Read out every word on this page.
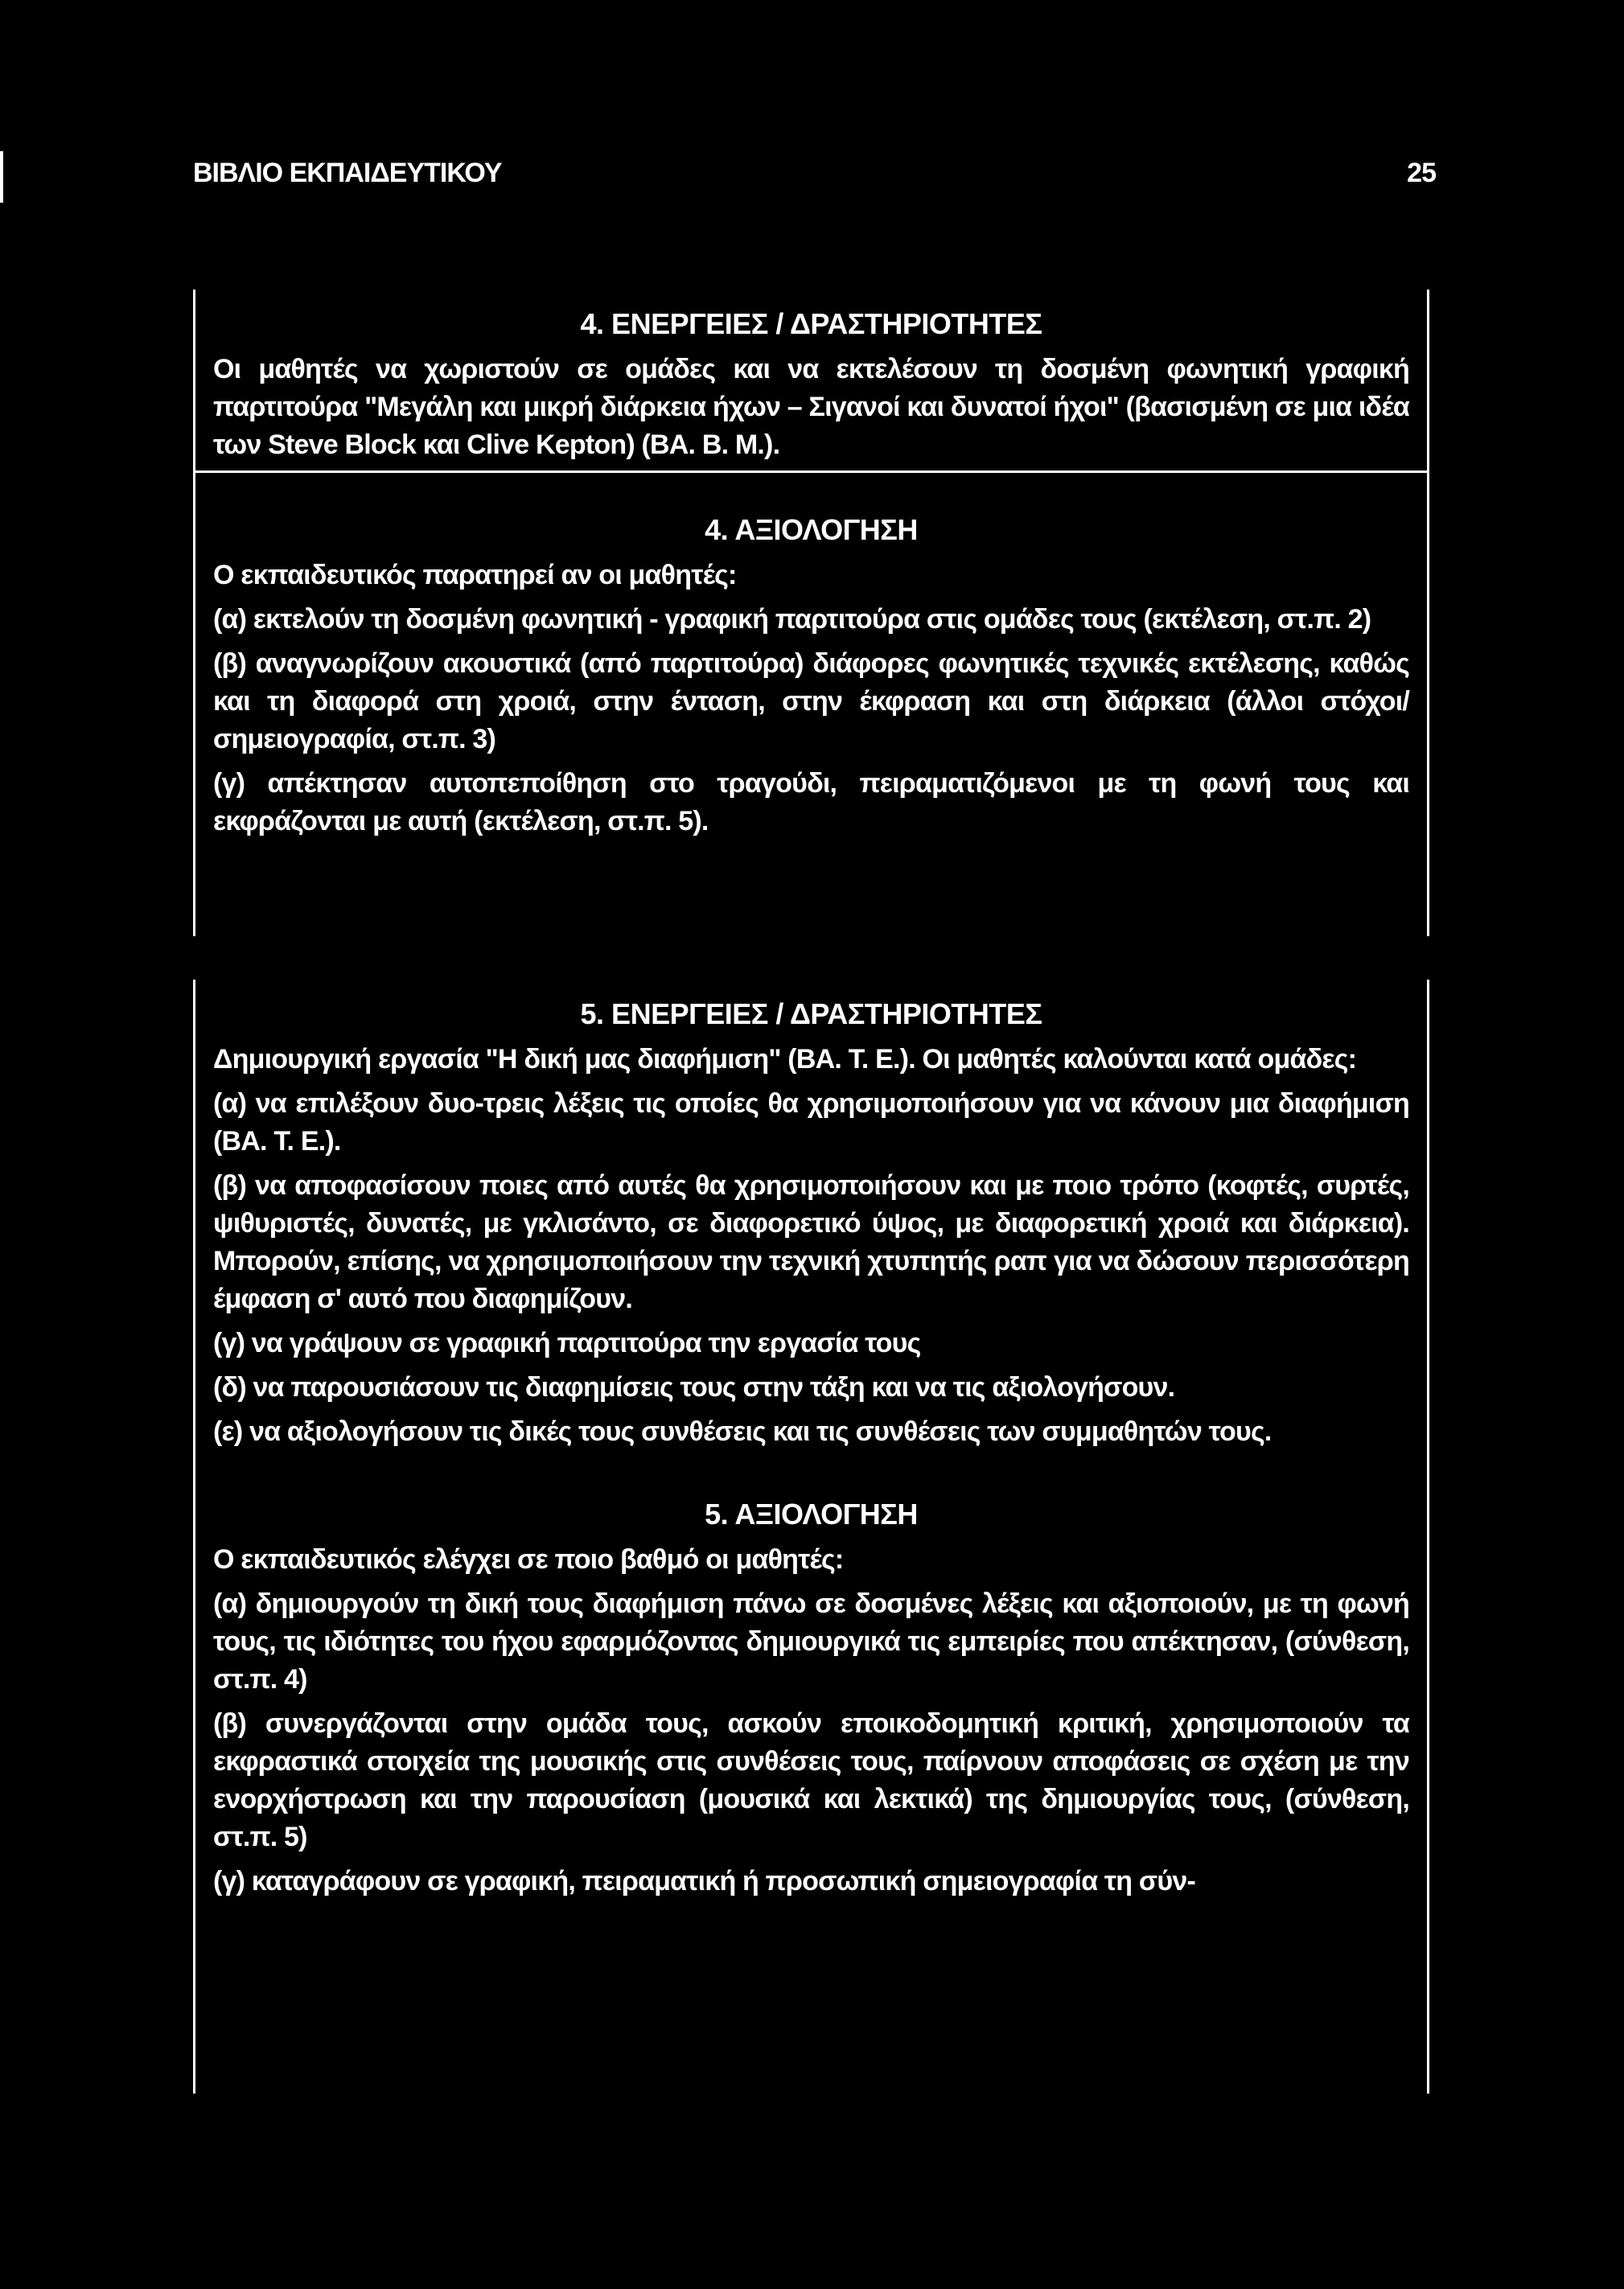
ΒΙΒΛΙΟ ΕΚΠΑΙΔΕΥΤΙΚΟΥ	25
4. ΕΝΕΡΓΕΙΕΣ / ΔΡΑΣΤΗΡΙΟΤΗΤΕΣ

Οι μαθητές να χωριστούν σε ομάδες και να εκτελέσουν τη δοσμένη φωνητική γραφική παρτιτούρα "Μεγάλη και μικρή διάρκεια ήχων – Σιγανοί και δυνατοί ήχοι" (βασισμένη σε μια ιδέα των Steve Block και Clive Kepton) (ΒΑ. Β. Μ.).

4. ΑΞΙΟΛΟΓΗΣΗ

Ο εκπαιδευτικός παρατηρεί αν οι μαθητές:

(α) εκτελούν τη δοσμένη φωνητική - γραφική παρτιτούρα στις ομάδες τους (εκτέλεση, στ.π. 2)

(β) αναγνωρίζουν ακουστικά (από παρτιτούρα) διάφορες φωνητικές τεχνικές εκτέλεσης, καθώς και τη διαφορά στη χροιά, στην ένταση, στην έκφραση και στη διάρκεια (άλλοι στόχοι/σημειογραφία, στ.π. 3)

(γ) απέκτησαν αυτοπεποίθηση στο τραγούδι, πειραματιζόμενοι με τη φωνή τους και εκφράζονται με αυτή (εκτέλεση, στ.π. 5).

5. ΕΝΕΡΓΕΙΕΣ / ΔΡΑΣΤΗΡΙΟΤΗΤΕΣ

Δημιουργική εργασία "Η δική μας διαφήμιση" (ΒΑ. Τ. Ε.). Οι μαθητές καλούνται κατά ομάδες:

(α) να επιλέξουν δυο-τρεις λέξεις τις οποίες θα χρησιμοποιήσουν για να κάνουν μια διαφήμιση (ΒΑ. Τ. Ε.).

(β) να αποφασίσουν ποιες από αυτές θα χρησιμοποιήσουν και με ποιο τρόπο (κοφτές, συρτές, ψιθυριστές, δυνατές, με γκλισάντο, σε διαφορετικό ύψος, με διαφορετική χροιά και διάρκεια). Μπορούν, επίσης, να χρησιμοποιήσουν την τεχνική χτυπητής ραπ για να δώσουν περισσότερη έμφαση σ' αυτό που διαφημίζουν.

(γ) να γράψουν σε γραφική παρτιτούρα την εργασία τους

(δ) να παρουσιάσουν τις διαφημίσεις τους στην τάξη και να τις αξιολογήσουν.

(ε) να αξιολογήσουν τις δικές τους συνθέσεις και τις συνθέσεις των συμμαθητών τους.

5. ΑΞΙΟΛΟΓΗΣΗ

Ο εκπαιδευτικός ελέγχει σε ποιο βαθμό οι μαθητές:

(α) δημιουργούν τη δική τους διαφήμιση πάνω σε δοσμένες λέξεις και αξιοποιούν, με τη φωνή τους, τις ιδιότητες του ήχου εφαρμόζοντας δημιουργικά τις εμπειρίες που απέκτησαν, (σύνθεση, στ.π. 4)

(β) συνεργάζονται στην ομάδα τους, ασκούν εποικοδομητική κριτική, χρησιμοποιούν τα εκφραστικά στοιχεία της μουσικής στις συνθέσεις τους, παίρνουν αποφάσεις σε σχέση με την ενορχήστρωση και την παρουσίαση (μουσικά και λεκτικά) της δημιουργίας τους, (σύνθεση, στ.π. 5)

(γ) καταγράφουν σε γραφική, πειραματική ή προσωπική σημειογραφία τη σύν-
